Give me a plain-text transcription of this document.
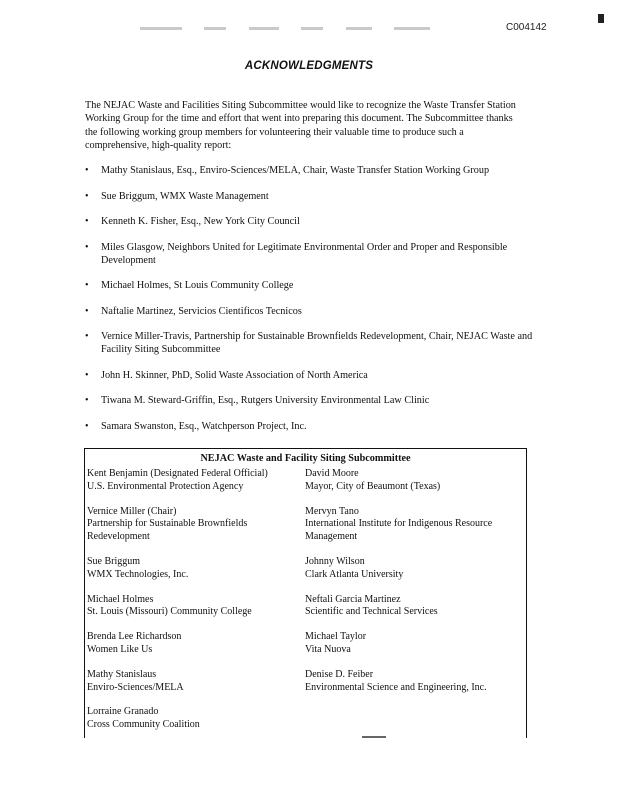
C004142
ACKNOWLEDGMENTS

The NEJAC Waste and Facilities Siting Subcommittee would like to recognize the Waste Transfer Station Working Group for the time and effort that went into preparing this document. The Subcommittee thanks the following working group members for volunteering their valuable time to produce such a comprehensive, high-quality report:

• Mathy Stanislaus, Esq., Enviro-Sciences/MELA, Chair, Waste Transfer Station Working Group
• Sue Briggum, WMX Waste Management
• Kenneth K. Fisher, Esq., New York City Council
• Miles Glasgow, Neighbors United for Legitimate Environmental Order and Proper and Responsible Development
• Michael Holmes, St Louis Community College
• Naftalie Martinez, Servicios Cientificos Tecnicos
• Vernice Miller-Travis, Partnership for Sustainable Brownfields Redevelopment, Chair, NEJAC Waste and Facility Siting Subcommittee
• John H. Skinner, PhD, Solid Waste Association of North America
• Tiwana M. Steward-Griffin, Esq., Rutgers University Environmental Law Clinic
• Samara Swanston, Esq., Watchperson Project, Inc.
NEJAC Waste and Facility Siting Subcommittee
Kent Benjamin (Designated Federal Official)
U.S. Environmental Protection Agency
David Moore
Mayor, City of Beaumont (Texas)
Vernice Miller (Chair)
Partnership for Sustainable Brownfields Redevelopment
Mervyn Tano
International Institute for Indigenous Resource Management
Sue Briggum
WMX Technologies, Inc.
Johnny Wilson
Clark Atlanta University
Michael Holmes
St. Louis (Missouri) Community College
Neftali Garcia Martinez
Scientific and Technical Services
Brenda Lee Richardson
Women Like Us
Michael Taylor
Vita Nuova
Mathy Stanislaus
Enviro-Sciences/MELA
Denise D. Feiber
Environmental Science and Engineering, Inc.
Lorraine Granado
Cross Community Coalition
